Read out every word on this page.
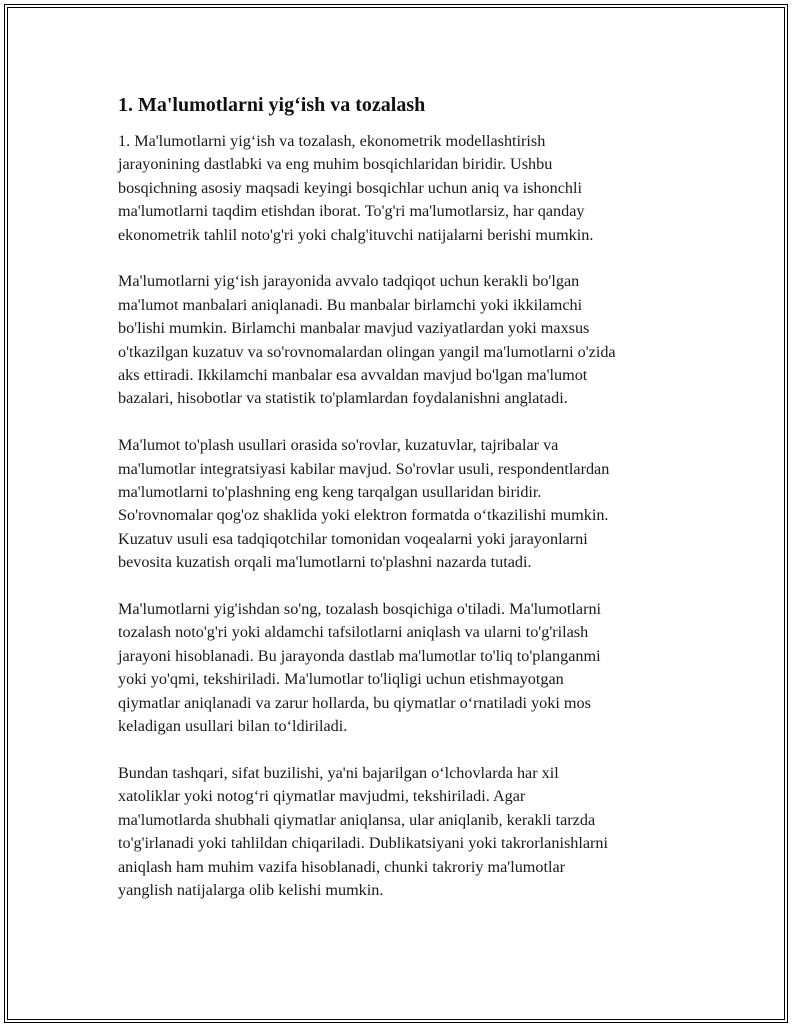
1. Ma'lumotlarni yig‘ish va tozalash

1. Ma'lumotlarni yig‘ish va tozalash, ekonometrik modellashtirish
jarayonining dastlabki va eng muhim bosqichlaridan biridir. Ushbu
bosqichning asosiy maqsadi keyingi bosqichlar uchun aniq va ishonchli
ma'lumotlarni taqdim etishdan iborat. To'g'ri ma'lumotlarsiz, har qanday
ekonometrik tahlil noto'g'ri yoki chalg'ituvchi natijalarni berishi mumkin.

Ma'lumotlarni yig‘ish jarayonida avvalo tadqiqot uchun kerakli bo'lgan
ma'lumot manbalari aniqlanadi. Bu manbalar birlamchi yoki ikkilamchi
bo'lishi mumkin. Birlamchi manbalar mavjud vaziyatlardan yoki maxsus
o'tkazilgan kuzatuv va so'rovnomalardan olingan yangil ma'lumotlarni o'zida
aks ettiradi. Ikkilamchi manbalar esa avvaldan mavjud bo'lgan ma'lumot
bazalari, hisobotlar va statistik to'plamlardan foydalanishni anglatadi.

Ma'lumot to'plash usullari orasida so'rovlar, kuzatuvlar, tajribalar va
ma'lumotlar integratsiyasi kabilar mavjud. So'rovlar usuli, respondentlardan
ma'lumotlarni to'plashning eng keng tarqalgan usullaridan biridir.
So'rovnomalar qog'oz shaklida yoki elektron formatda o‘tkazilishi mumkin.
Kuzatuv usuli esa tadqiqotchilar tomonidan voqealarni yoki jarayonlarni
bevosita kuzatish orqali ma'lumotlarni to'plashni nazarda tutadi.

Ma'lumotlarni yig'ishdan so'ng, tozalash bosqichiga o'tiladi. Ma'lumotlarni
tozalash noto'g'ri yoki aldamchi tafsilotlarni aniqlash va ularni to'g'rilash
jarayoni hisoblanadi. Bu jarayonda dastlab ma'lumotlar to'liq to'planganmi
yoki yo'qmi, tekshiriladi. Ma'lumotlar to'liqligi uchun etishmayotgan
qiymatlar aniqlanadi va zarur hollarda, bu qiymatlar o‘rnatiladi yoki mos
keladigan usullari bilan to‘ldiriladi.

Bundan tashqari, sifat buzilishi, ya'ni bajarilgan o‘lchovlarda har xil
xatoliklar yoki notog‘ri qiymatlar mavjudmi, tekshiriladi. Agar
ma'lumotlarda shubhali qiymatlar aniqlansa, ular aniqlanib, kerakli tarzda
to'g'irlanadi yoki tahlildan chiqariladi. Dublikatsiyani yoki takrorlanishlarni
aniqlash ham muhim vazifa hisoblanadi, chunki takroriy ma'lumotlar
yanglish natijalarga olib kelishi mumkin.
